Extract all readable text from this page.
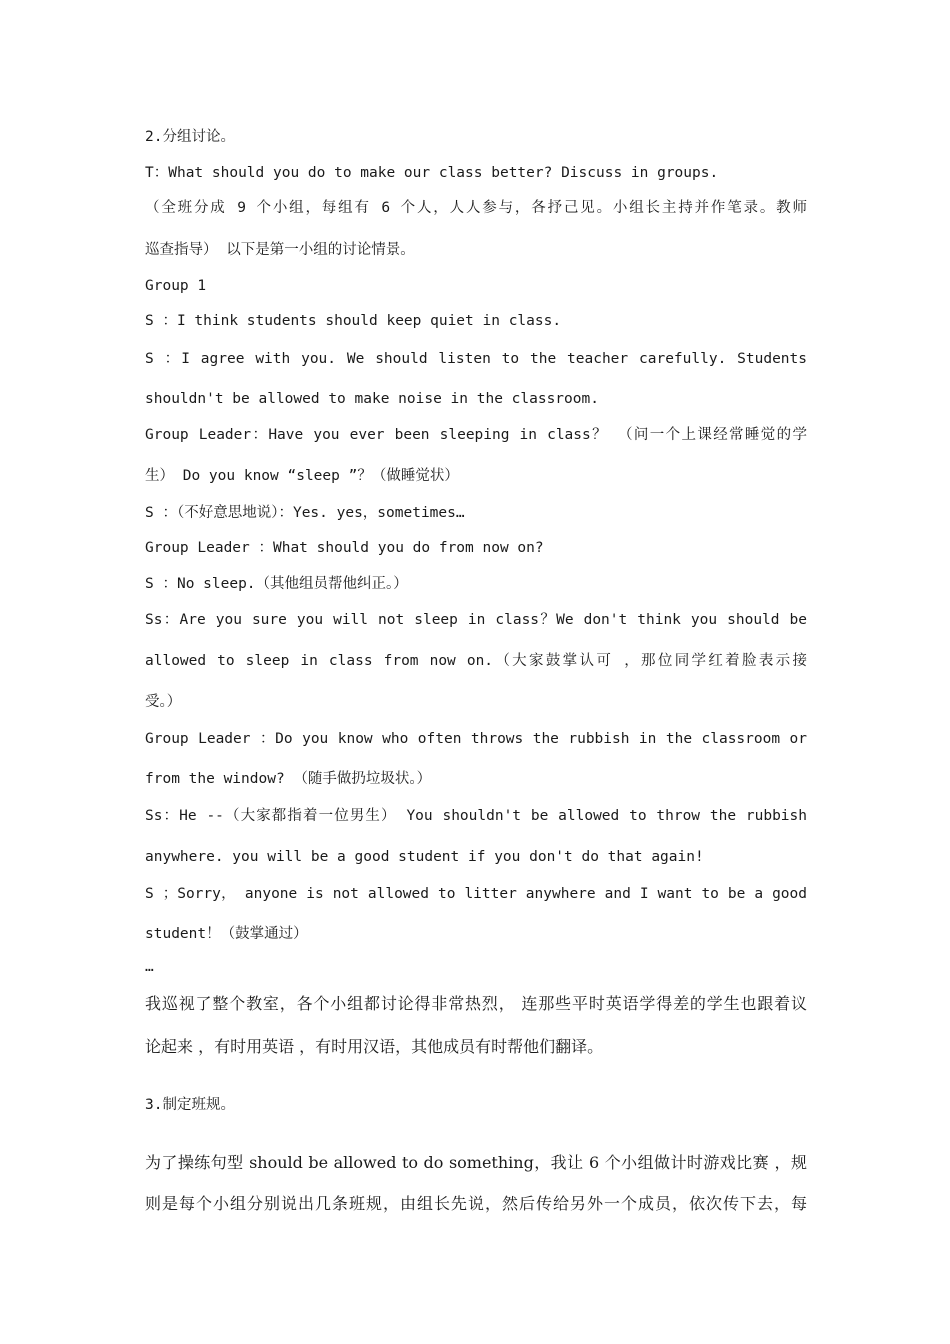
2.分组讨论。
T：What should you do to make our class better? Discuss in groups.
（全班分成 9 个小组，每组有 6 个人，人人参与，各抒己见。小组长主持并作笔录。教师
巡查指导） 以下是第一小组的讨论情景。
Group 1
S ：I think students should keep quiet in class.
S ：I agree with you. We should listen to the teacher carefully. Students
shouldn't be allowed to make noise in the classroom.
Group Leader：Have you ever been sleeping in class？ （问一个上课经常睡觉的学
生） Do you know “sleep ”？（做睡觉状）
S ：（不好意思地说）：Yes. yes，sometimes…
Group Leader ：What should you do from now on?
S ：No sleep.（其他组员帮他纠正。）
Ss：Are you sure you will not sleep in class？We don't think you should be
allowed to sleep in class from now on.（大家鼓掌认可 ，那位同学红着脸表示接
受。）
Group Leader ：Do you know who often throws the rubbish in the classroom or
from the window? （随手做扔垃圾状。）
Ss：He --（大家都指着一位男生） You shouldn't be allowed to throw the rubbish
anywhere. you will be a good student if you don't do that again!
S ；Sorry， anyone is not allowed to litter anywhere and I want to be a good
student！（鼓掌通过）
…
我巡视了整个教室，各个小组都讨论得非常热烈， 连那些平时英语学得差的学生也跟着议
论起来 ，有时用英语 ，有时用汉语，其他成员有时帮他们翻译。
3.制定班规。
为了操练句型 should be allowed to do something，我让 6 个小组做计时游戏比赛 ，规
则是每个小组分别说出几条班规，由组长先说，然后传给另外一个成员，依次传下去，每
